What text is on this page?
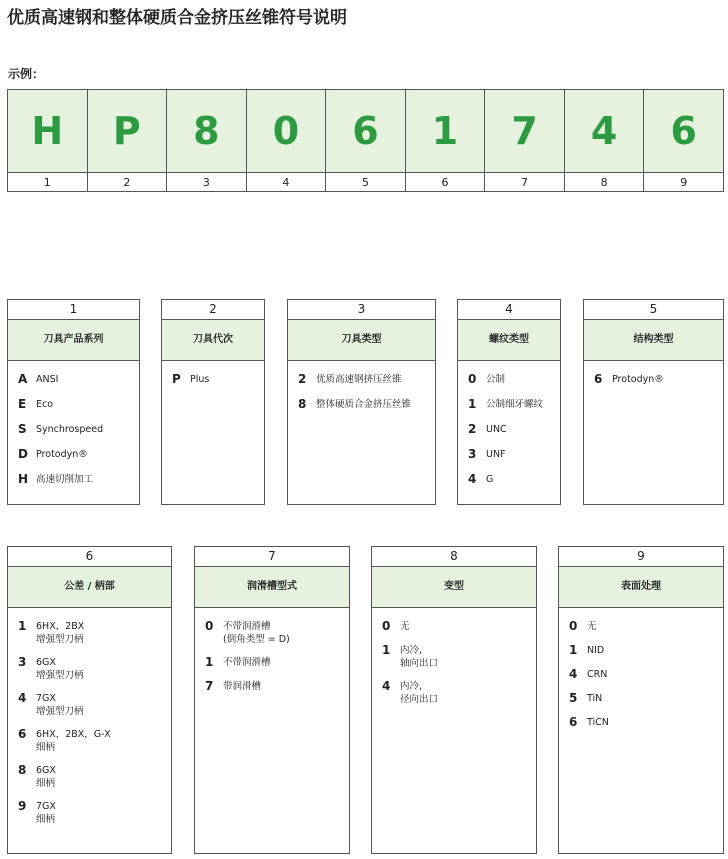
优质高速钢和整体硬质合金挤压丝锥符号说明
示例：
H	P	8	0	6	1	7	4	6
1	2	3	4	5	6	7	8	9
1
刀具产品系列
A ANSI
E	Eco
S Synchrospeed
D Protodyn®
H 高速切削加工
2
刀具代次
P Plus
3
刀具类型
2	优质高速钢挤压丝锥
8	整体硬质合金挤压丝锥
4
螺纹类型
0	公制
1	公制细牙螺纹
2	UNC
3	UNF
4	G
5
结构类型
6	Protodyn®
6
公差 / 柄部
1	6HX，2BX
增强型刀柄
3	6GX
增强型刀柄
4	7GX
增强型刀柄
6	6HX，2BX，G-X
细柄
8	6GX
细柄
9	7GX
细柄
7
润滑槽型式
0	不带润滑槽
(倒角类型 = D)
1	不带润滑槽
7	带润滑槽
8
变型
0	无
1	内冷,
轴向出口
4	内冷,
径向出口
9
表面处理
0	无
1	NID
4	CRN
5	TiN
6	TiCN
